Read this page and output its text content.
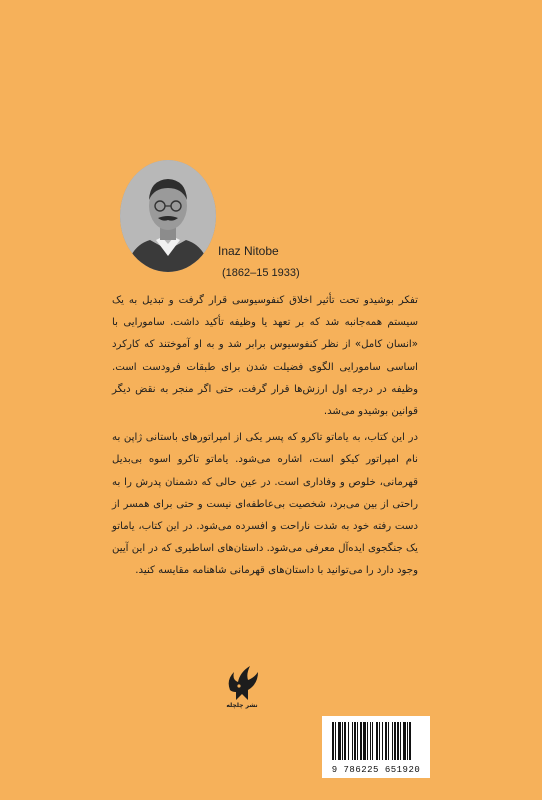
Inaz Nitobe
(1862–15 1933)

تفکر بوشیدو تحت تأثیر اخلاق کنفوسیوسی قرار گرفت و تبدیل به یک سیستم همه‌جانبه شد که بر تعهد یا وظیفه تأکید داشت. سامورایی با «انسان کامل» از نظر کنفوسیوس برابر شد و به او آموختند که کارکرد اساسی سامورایی الگوی فضیلت شدن برای طبقات فرودست است. وظیفه در درجه اول ارزش‌ها قرار گرفت، حتی اگر منجر به نقض دیگر قوانین بوشیدو می‌شد.

در این کتاب، به یاماتو تاکرو که پسر یکی از امپراتورهای باستانی ژاپن به نام امپراتور کیکو است، اشاره می‌شود. یاماتو تاکرو اسوه بی‌بدیل قهرمانی، خلوص و وفاداری است. در عین حالی که دشمنان پدرش را به راحتی از بین می‌برد، شخصیت بی‌عاطفه‌ای نیست و حتی برای همسر از دست رفته خود به شدت ناراحت و افسرده می‌شود. در این کتاب، یاماتو یک جنگجوی ایده‌آل معرفی می‌شود. داستان‌های اساطیری که در این آیین وجود دارد را می‌توانید با داستان‌های قهرمانی شاهنامه مقایسه کنید.

نشر چلچله
9 786225 651920
